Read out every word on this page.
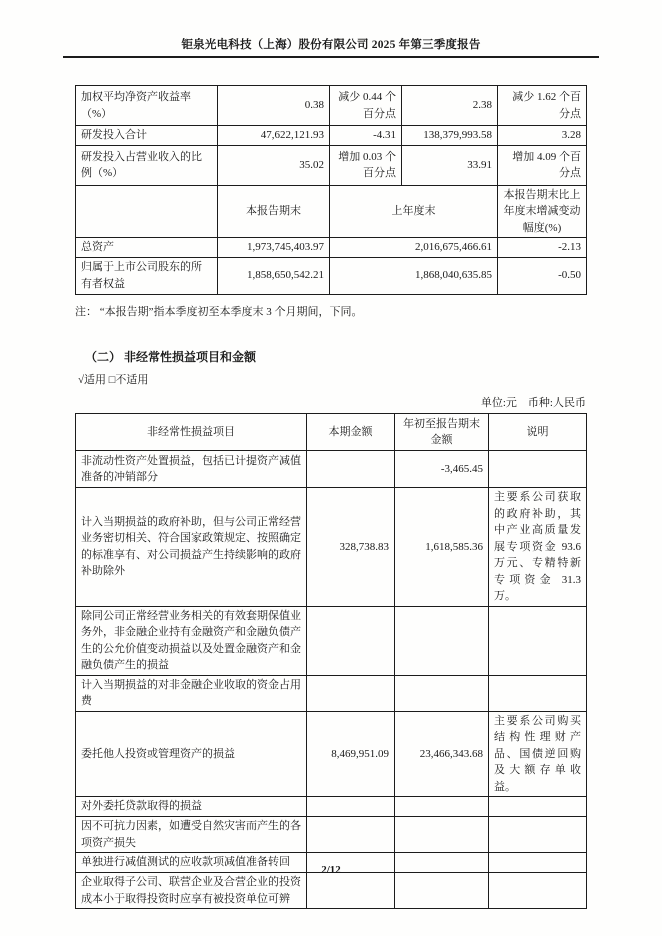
钜泉光电科技（上海）股份有限公司 2025 年第三季度报告
加权平均净资产收益率（%）	0.38	减少 0.44 个百分点	2.38	减少 1.62 个百分点
研发投入合计	47,622,121.93	-4.31	138,379,993.58	3.28
研发投入占营业收入的比例（%）	35.02	增加 0.03 个百分点	33.91	增加 4.09 个百分点
	本报告期末	上年度末		本报告期末比上年度末增减变动幅度(%)
总资产	1,973,745,403.97	2,016,675,466.61		-2.13
归属于上市公司股东的所有者权益	1,858,650,542.21	1,868,040,635.85		-0.50

注： “本报告期”指本季度初至本季度末 3 个月期间，下同。

（二） 非经常性损益项目和金额

√适用 □不适用

单位:元　币种:人民币

非经常性损益项目	本期金额	年初至报告期末金额	说明
非流动性资产处置损益，包括已计提资产减值准备的冲销部分		-3,465.45	
计入当期损益的政府补助，但与公司正常经营业务密切相关、符合国家政策规定、按照确定的标准享有、对公司损益产生持续影响的政府补助除外	328,738.83	1,618,585.36	主要系公司获取的政府补助，其中产业高质量发展专项资金 93.6 万元、专精特新专项资金 31.3 万。
除同公司正常经营业务相关的有效套期保值业务外，非金融企业持有金融资产和金融负债产生的公允价值变动损益以及处置金融资产和金融负债产生的损益			
计入当期损益的对非金融企业收取的资金占用费			
委托他人投资或管理资产的损益	8,469,951.09	23,466,343.68	主要系公司购买结构性理财产品、国债逆回购及大额存单收益。
对外委托贷款取得的损益			
因不可抗力因素，如遭受自然灾害而产生的各项资产损失			
单独进行减值测试的应收款项减值准备转回			
企业取得子公司、联营企业及合营企业的投资成本小于取得投资时应享有被投资单位可辨			
2/12
